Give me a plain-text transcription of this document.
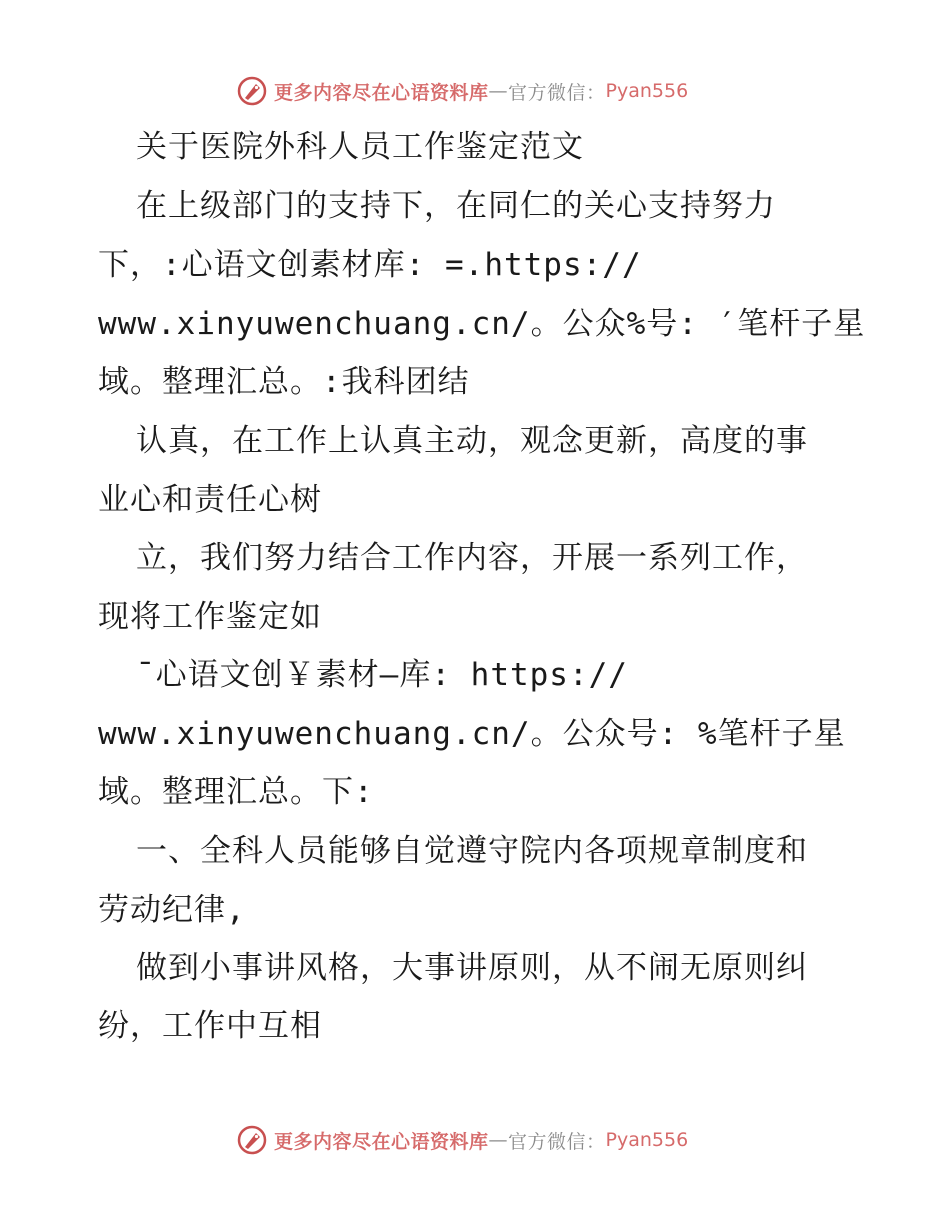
更多内容尽在心语资料库 — 官方微信： Pyan556
关于医院外科人员工作鉴定范文
在上级部门的支持下，在同仁的关心支持努力
下，:心语文创素材库: =.https://
www.xinyuwenchuang.cn/。公众%号: ′笔杆子星
域。整理汇总。:我科团结
认真，在工作上认真主动，观念更新，高度的事
业心和责任心树
立，我们努力结合工作内容，开展一系列工作，
现将工作鉴定如
¯心语文创￥素材—库: https://
www.xinyuwenchuang.cn/。公众号: %笔杆子星
域。整理汇总。下:
一、全科人员能够自觉遵守院内各项规章制度和
劳动纪律,
做到小事讲风格，大事讲原则，从不闹无原则纠
纷，工作中互相
更多内容尽在心语资料库 — 官方微信： Pyan556
